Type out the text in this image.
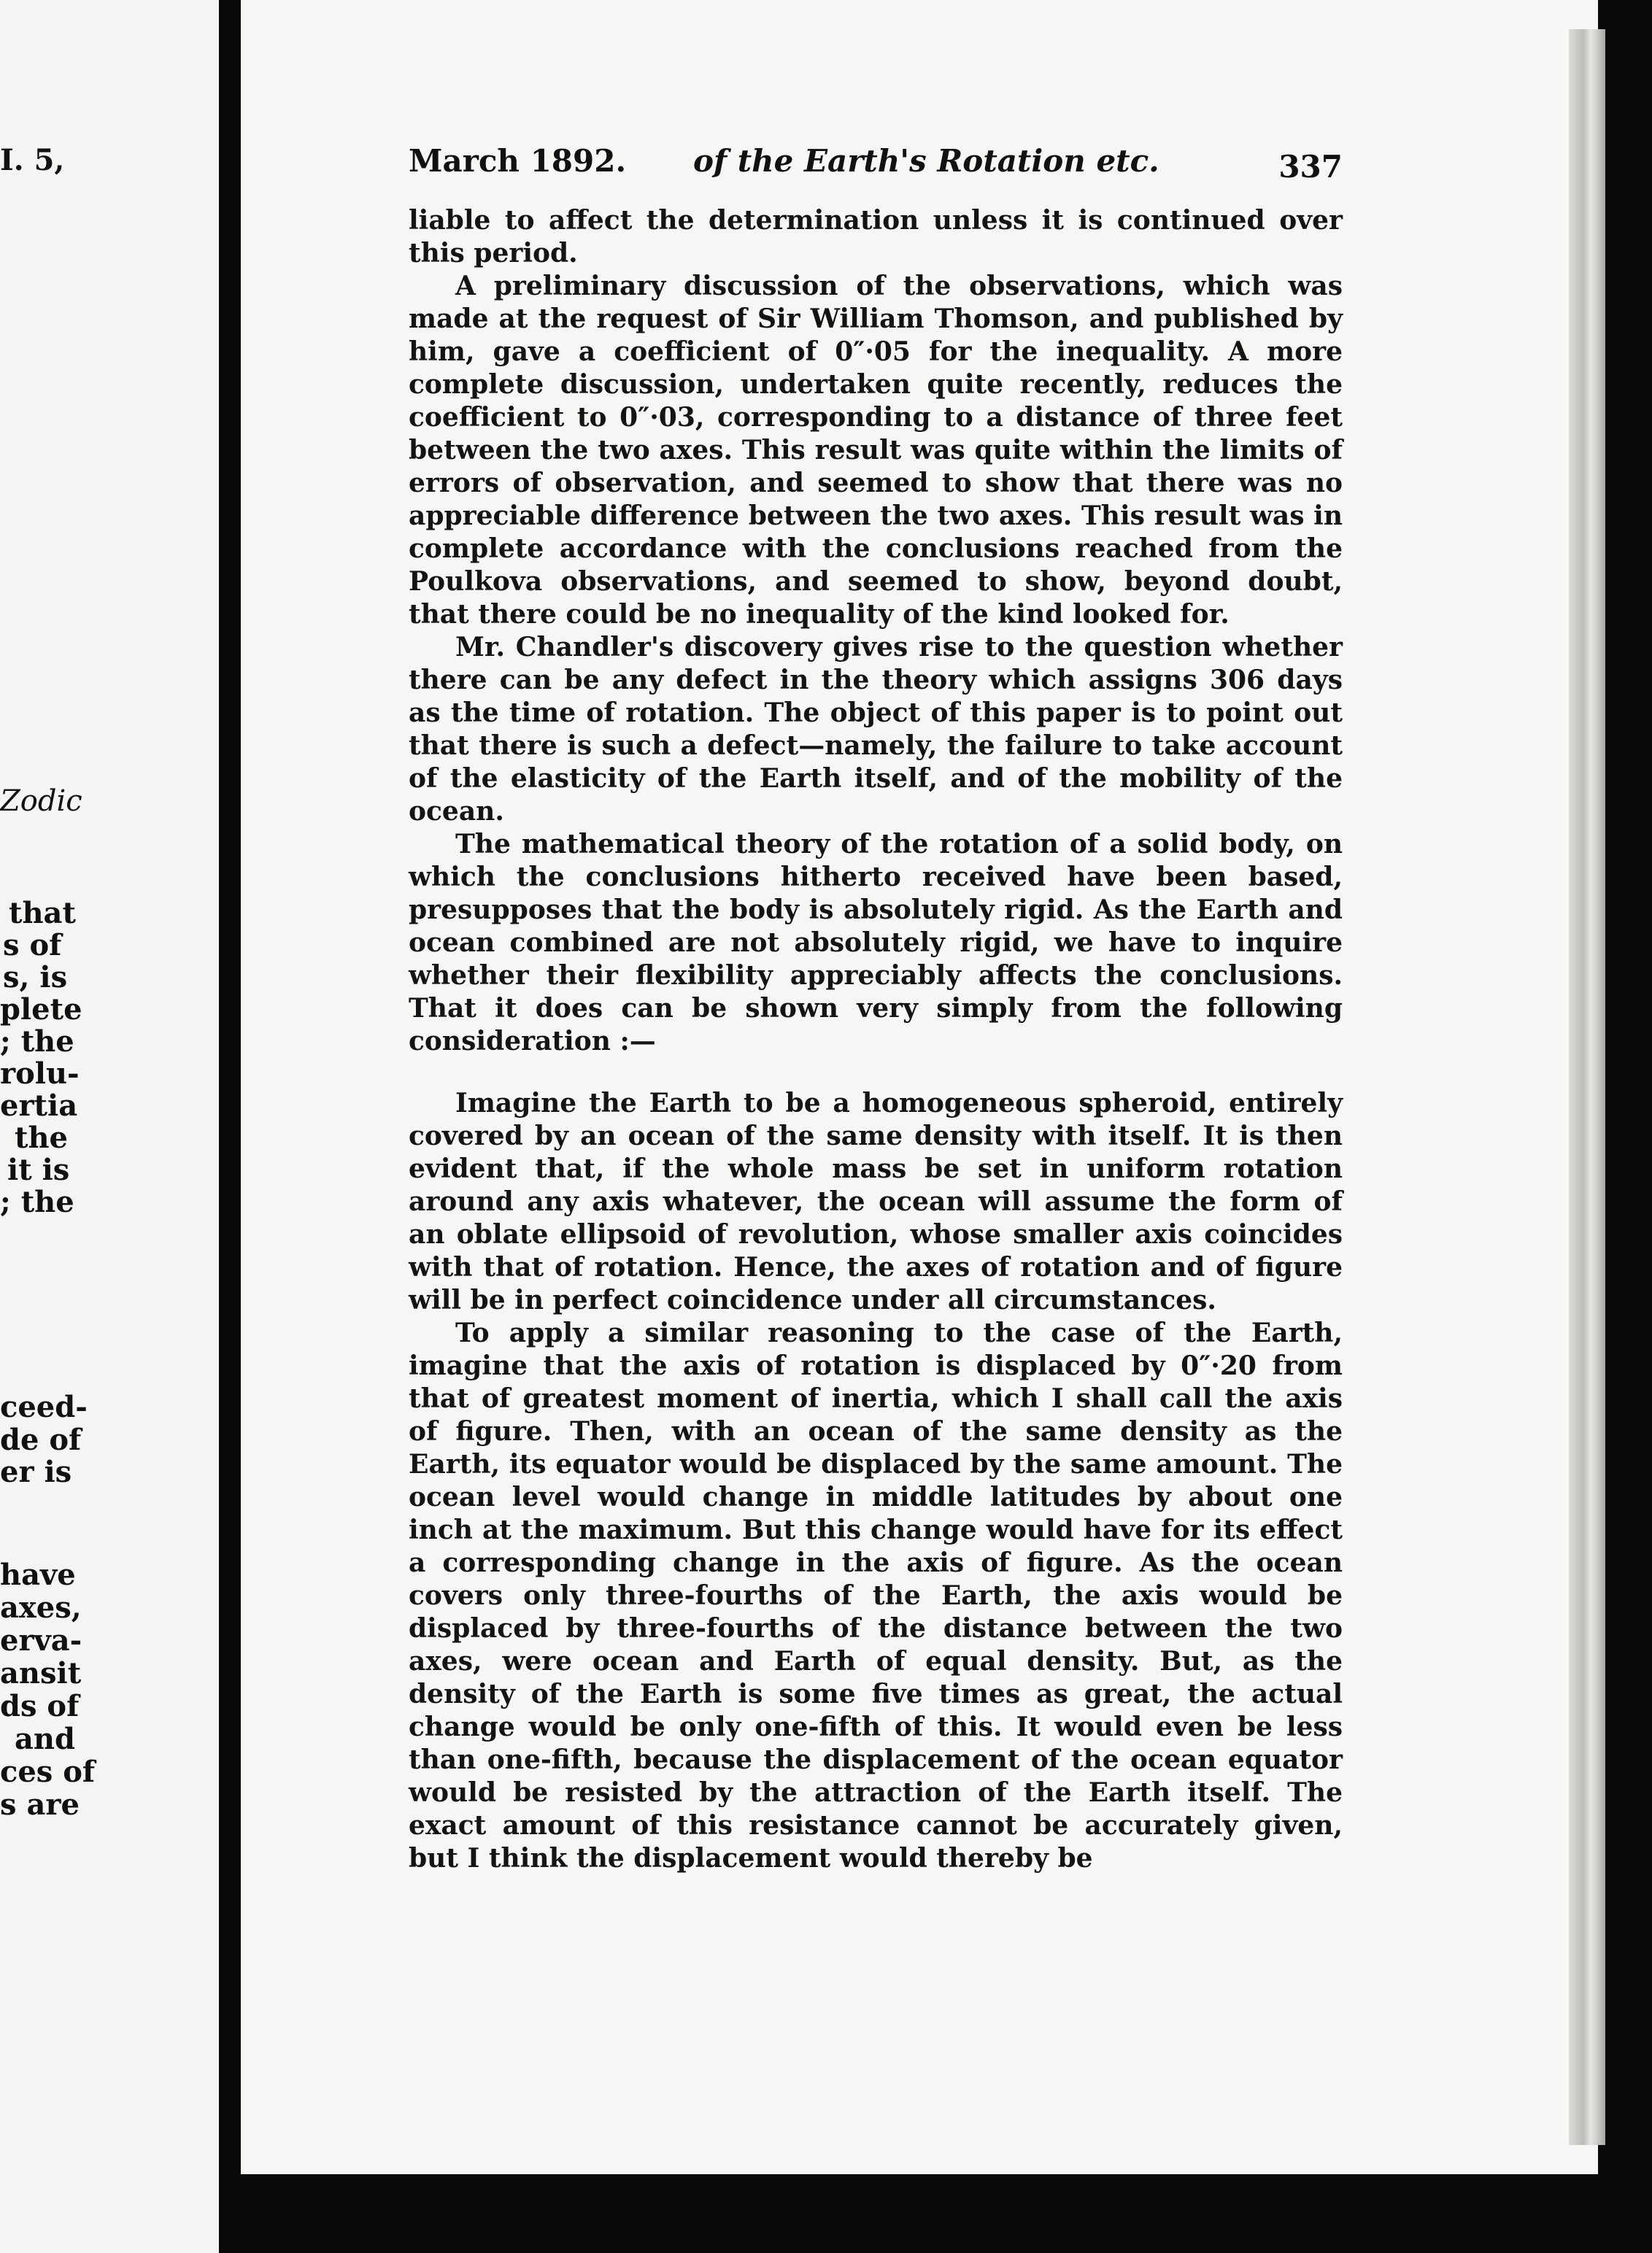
I. 5,
Zodic
that
s of
s, is
plete
; the
rolu-
ertia
the
it is
; the
ceed-
de of
er is
have
axes,
erva-
ansit
ds of
and
ces of
s are
March 1892. of the Earth's Rotation etc.	337

liable to affect the determination unless it is continued over this period.

A preliminary discussion of the observations, which was made at the request of Sir William Thomson, and published by him, gave a coefficient of 0″·05 for the inequality. A more complete discussion, undertaken quite recently, reduces the coefficient to 0″·03, corresponding to a distance of three feet between the two axes. This result was quite within the limits of errors of observation, and seemed to show that there was no appreciable difference between the two axes. This result was in complete accordance with the conclusions reached from the Poulkova observations, and seemed to show, beyond doubt, that there could be no inequality of the kind looked for.

Mr. Chandler's discovery gives rise to the question whether there can be any defect in the theory which assigns 306 days as the time of rotation. The object of this paper is to point out that there is such a defect—namely, the failure to take account of the elasticity of the Earth itself, and of the mobility of the ocean.

The mathematical theory of the rotation of a solid body, on which the conclusions hitherto received have been based, presupposes that the body is absolutely rigid. As the Earth and ocean combined are not absolutely rigid, we have to inquire whether their flexibility appreciably affects the conclusions. That it does can be shown very simply from the following consideration :—

Imagine the Earth to be a homogeneous spheroid, entirely covered by an ocean of the same density with itself. It is then evident that, if the whole mass be set in uniform rotation around any axis whatever, the ocean will assume the form of an oblate ellipsoid of revolution, whose smaller axis coincides with that of rotation. Hence, the axes of rotation and of figure will be in perfect coincidence under all circumstances.

To apply a similar reasoning to the case of the Earth, imagine that the axis of rotation is displaced by 0″·20 from that of greatest moment of inertia, which I shall call the axis of figure. Then, with an ocean of the same density as the Earth, its equator would be displaced by the same amount. The ocean level would change in middle latitudes by about one inch at the maximum. But this change would have for its effect a corresponding change in the axis of figure. As the ocean covers only three-fourths of the Earth, the axis would be displaced by three-fourths of the distance between the two axes, were ocean and Earth of equal density. But, as the density of the Earth is some five times as great, the actual change would be only one-fifth of this. It would even be less than one-fifth, because the displacement of the ocean equator would be resisted by the attraction of the Earth itself. The exact amount of this resistance cannot be accurately given, but I think the displacement would thereby be
